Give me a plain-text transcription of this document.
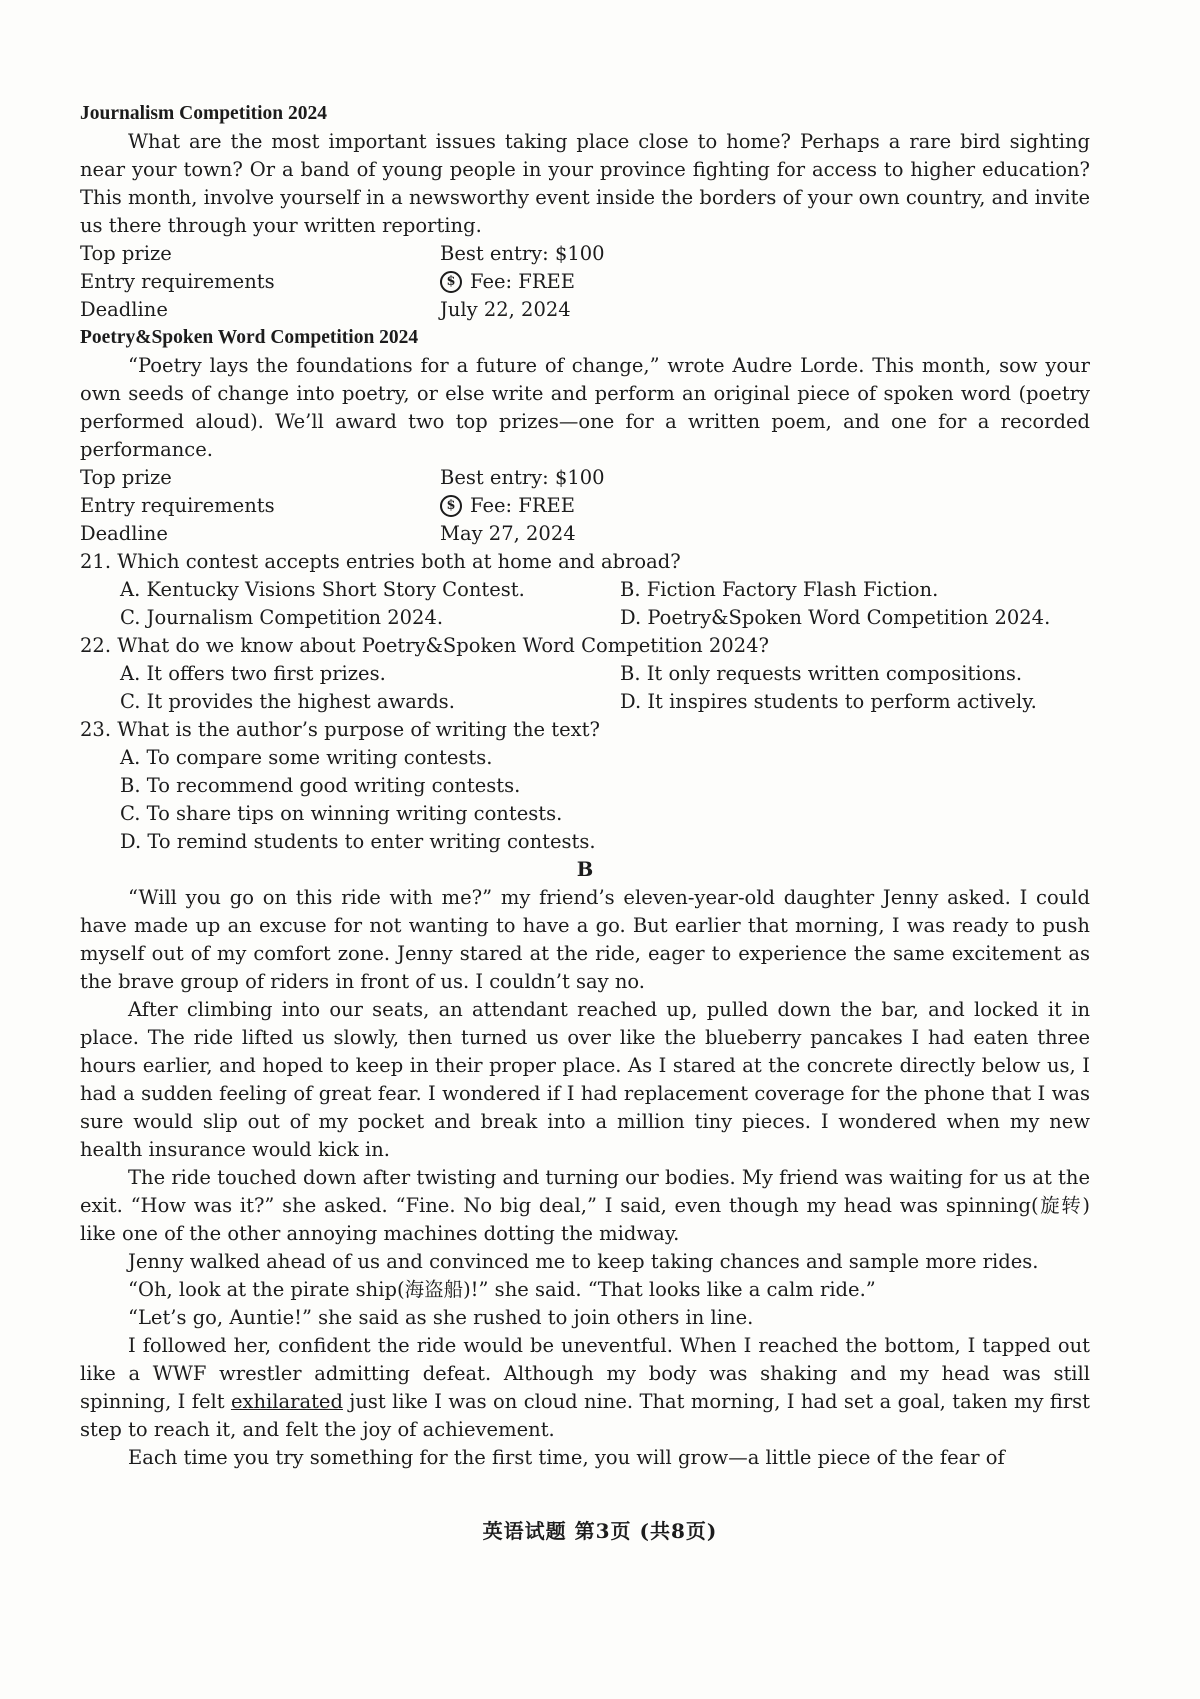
Journalism Competition 2024

What are the most important issues taking place close to home? Perhaps a rare bird sighting near your town? Or a band of young people in your province fighting for access to higher education? This month, involve yourself in a newsworthy event inside the borders of your own country, and invite us there through your written reporting.

Top prize	Best entry: $100
Entry requirements	$ Fee: FREE
Deadline	July 22, 2024
Poetry&Spoken Word Competition 2024

“Poetry lays the foundations for a future of change,” wrote Audre Lorde. This month, sow your own seeds of change into poetry, or else write and perform an original piece of spoken word (poetry performed aloud). We’ll award two top prizes—one for a written poem, and one for a recorded performance.

Top prize	Best entry: $100
Entry requirements	$ Fee: FREE
Deadline	May 27, 2024
21. Which contest accepts entries both at home and abroad?
A. Kentucky Visions Short Story Contest.	B. Fiction Factory Flash Fiction.
C. Journalism Competition 2024.	D. Poetry&Spoken Word Competition 2024.
22. What do we know about Poetry&Spoken Word Competition 2024?
A. It offers two first prizes.	B. It only requests written compositions.
C. It provides the highest awards.	D. It inspires students to perform actively.
23. What is the author’s purpose of writing the text?
A. To compare some writing contests.
B. To recommend good writing contests.
C. To share tips on winning writing contests.
D. To remind students to enter writing contests.
B

“Will you go on this ride with me?” my friend’s eleven-year-old daughter Jenny asked. I could have made up an excuse for not wanting to have a go. But earlier that morning, I was ready to push myself out of my comfort zone. Jenny stared at the ride, eager to experience the same excitement as the brave group of riders in front of us. I couldn’t say no.

After climbing into our seats, an attendant reached up, pulled down the bar, and locked it in place. The ride lifted us slowly, then turned us over like the blueberry pancakes I had eaten three hours earlier, and hoped to keep in their proper place. As I stared at the concrete directly below us, I had a sudden feeling of great fear. I wondered if I had replacement coverage for the phone that I was sure would slip out of my pocket and break into a million tiny pieces. I wondered when my new health insurance would kick in.

The ride touched down after twisting and turning our bodies. My friend was waiting for us at the exit. “How was it?” she asked. “Fine. No big deal,” I said, even though my head was spinning(旋转) like one of the other annoying machines dotting the midway.

Jenny walked ahead of us and convinced me to keep taking chances and sample more rides.

“Oh, look at the pirate ship(海盗船)!” she said. “That looks like a calm ride.”

“Let’s go, Auntie!” she said as she rushed to join others in line.

I followed her, confident the ride would be uneventful. When I reached the bottom, I tapped out like a WWF wrestler admitting defeat. Although my body was shaking and my head was still spinning, I felt exhilarated just like I was on cloud nine. That morning, I had set a goal, taken my first step to reach it, and felt the joy of achievement.

Each time you try something for the first time, you will grow—a little piece of the fear of

英语试题 第3页 (共8页)
